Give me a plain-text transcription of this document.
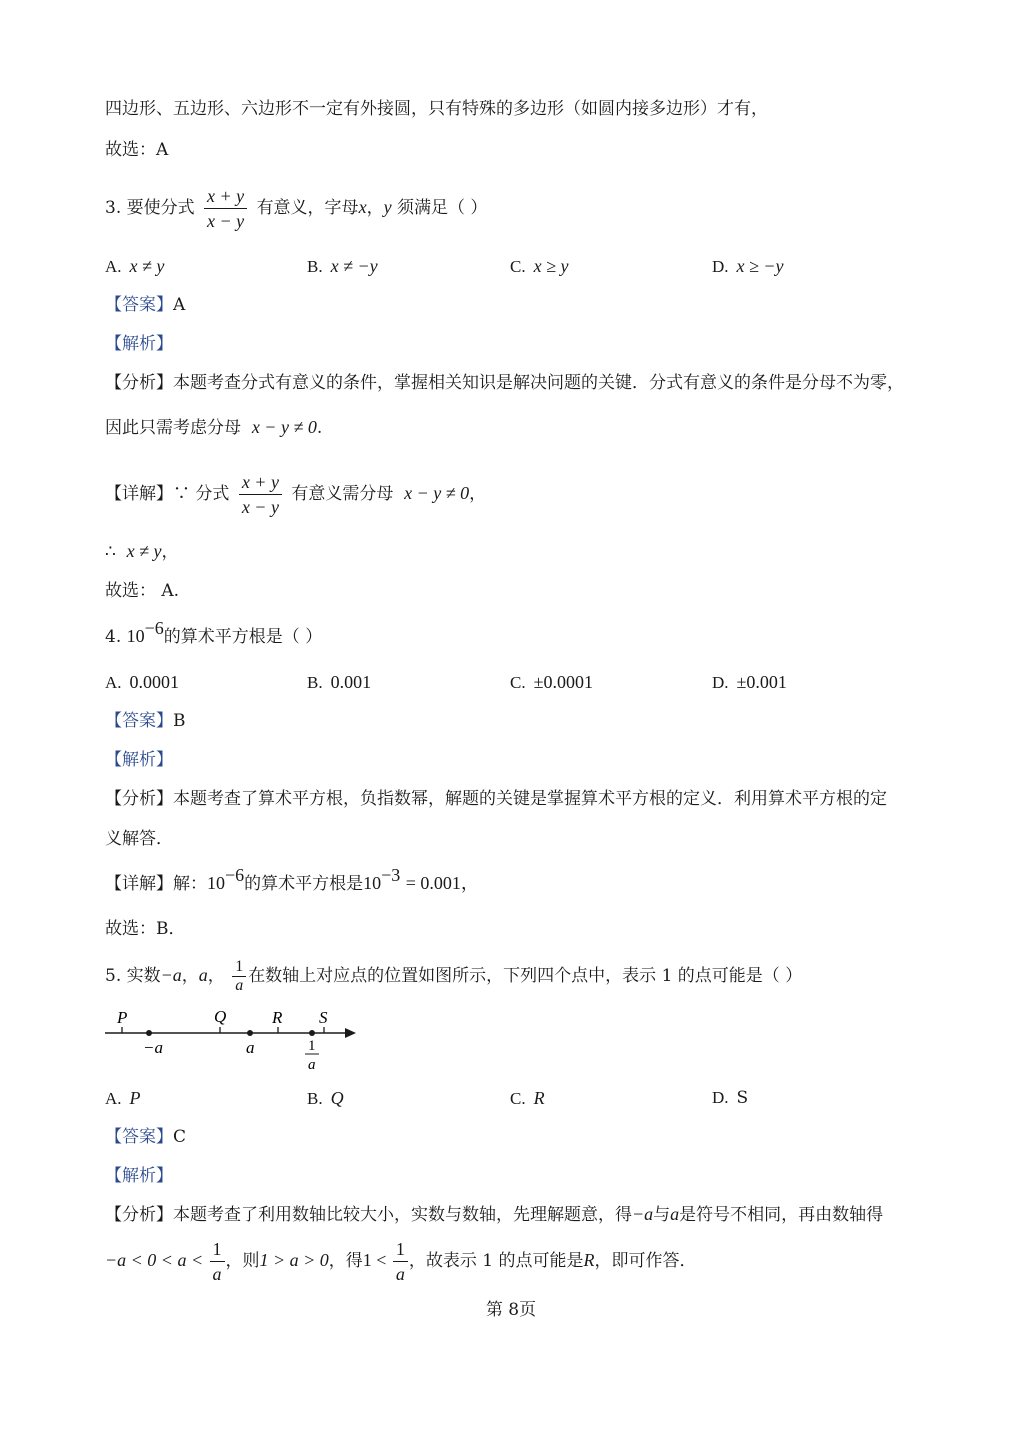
四边形、五边形、六边形不一定有外接圆，只有特殊的多边形（如圆内接多边形）才有，
故选：A
3. 要使分式 $\frac{x + y}{x - y}$ 有意义，字母x，y 须满足（ ）
A. x ≠ y	B. x ≠ −y	C. x ≥ y	D. x ≥ −y
【答案】A
【解析】
【分析】本题考查分式有意义的条件，掌握相关知识是解决问题的关键．分式有意义的条件是分母不为零，
因此只需考虑分母 x − y ≠ 0.
【详解】∵ 分式 $\frac{x + y}{x - y}$ 有意义需分母 x − y ≠ 0，
∴ x ≠ y，
故选： A.
4. $10^{-6}$的算术平方根是（ ）
A. 0.0001	B. 0.001	C. ±0.0001	D. ±0.001
【答案】B
【解析】
【分析】本题考查了算术平方根，负指数幂，解题的关键是掌握算术平方根的定义．利用算术平方根的定
义解答．
【详解】解：$10^{-6}$的算术平方根是$10^{-3} = 0.001$，
故选：B．
5. 实数−a，a， $\frac{1}{a}$ 在数轴上对应点的位置如图所示，下列四个点中，表示 1 的点可能是（ ）
P	Q	R S
−a	a	1
a
A. P	B. Q	C. R	D. S
【答案】C
【解析】
【分析】本题考查了利用数轴比较大小，实数与数轴，先理解题意，得−a与a是符号不相同，再由数轴得
$-a < 0 < a < \frac{1}{a}$ ，则1 > a > 0，得$1 < \frac{1}{a}$ ，故表示 1 的点可能是R，即可作答．
第 8页
